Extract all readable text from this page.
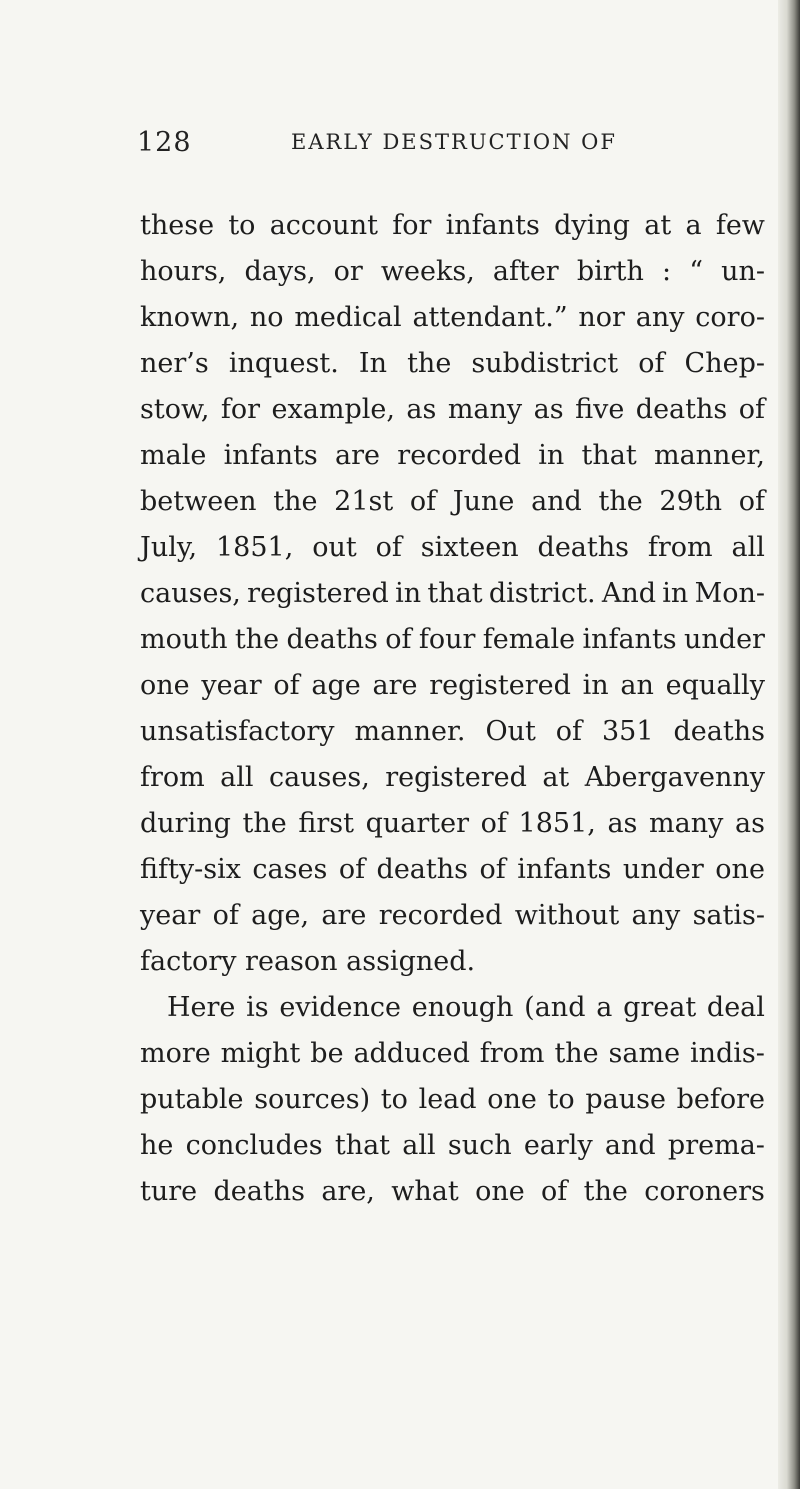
128	EARLY DESTRUCTION OF
these to account for infants dying at a few
hours, days, or weeks, after birth : “ un-
known, no medical attendant.” nor any coro-
ner’s inquest. In the subdistrict of Chep-
stow, for example, as many as five deaths of
male infants are recorded in that manner,
between the 21st of June and the 29th of
July, 1851, out of sixteen deaths from all
causes, registered in that district. And in Mon-
mouth the deaths of four female infants under
one year of age are registered in an equally
unsatisfactory manner. Out of 351 deaths
from all causes, registered at Abergavenny
during the first quarter of 1851, as many as
fifty-six cases of deaths of infants under one
year of age, are recorded without any satis-
factory reason assigned.
Here is evidence enough (and a great deal
more might be adduced from the same indis-
putable sources) to lead one to pause before
he concludes that all such early and prema-
ture deaths are, what one of the coroners
